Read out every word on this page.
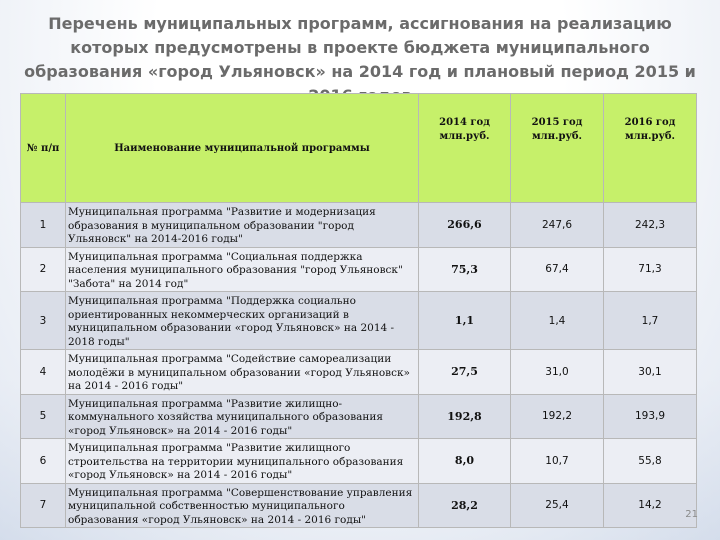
Перечень муниципальных программ, ассигнования на реализацию которых предусмотрены в проекте бюджета муниципального образования «город Ульяновск» на 2014 год и плановый период 2015 и
№ п/п	Наименование муниципальной программы	2014 год млн.руб.	2015 год млн.руб.	2016 год млн.руб.
1	Муниципальная программа "Развитие и модернизация образования в муниципальном образовании "город Ульяновск" на 2014-2016 годы"	266,6	247,6	242,3
2	Муниципальная программа "Социальная поддержка населения муниципального образования "город Ульяновск" "Забота" на 2014 год"	75,3	67,4	71,3
3	Муниципальная программа "Поддержка социально ориентированных некоммерческих организаций в муниципальном образовании «город Ульяновск» на 2014 - 2018 годы"	1,1	1,4	1,7
4	Муниципальная программа "Содействие самореализации молодёжи в муниципальном образовании «город Ульяновск» на 2014 - 2016 годы"	27,5	31,0	30,1
5	Муниципальная программа "Развитие жилищно-коммунального хозяйства муниципального образования «город Ульяновск» на 2014 - 2016 годы"	192,8	192,2	193,9
6	Муниципальная программа "Развитие жилищного строительства на территории муниципального образования «город Ульяновск» на 2014 - 2016 годы"	8,0	10,7	55,8
7	Муниципальная программа "Совершенствование управления муниципальной собственностью муниципального образования «город Ульяновск» на 2014 - 2016 годы"	28,2	25,4	14,2
21
